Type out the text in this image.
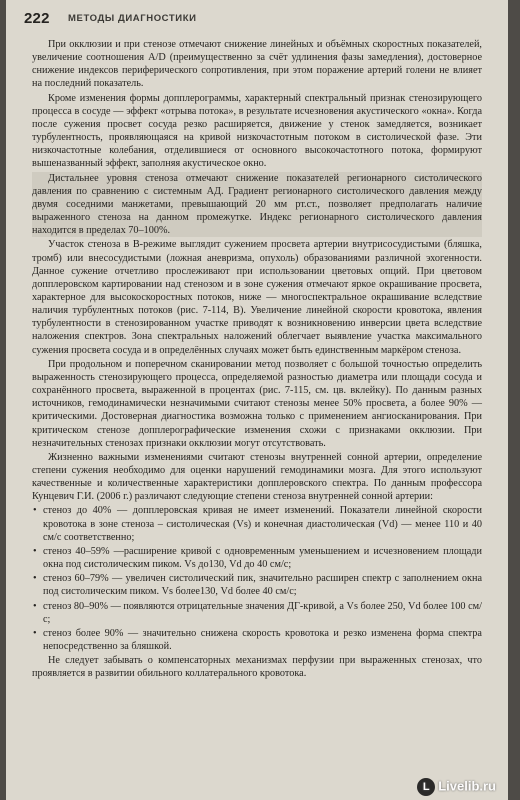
222 МЕТОДЫ ДИАГНОСТИКИ

При окклюзии и при стенозе отмечают снижение линейных и объёмных скоростных показателей, увеличение соотношения A/D (преимущественно за счёт удлинения фазы замедления), достоверное снижение индексов периферического сопротивления, при этом поражение артерий голени не влияет на последний показатель.

Кроме изменения формы допплерограммы, характерный спектральный признак стенозирующего процесса в сосуде — эффект «отрыва потока», в результате исчезновения акустического «окна». Когда после сужения просвет сосуда резко расширяется, движение у стенок замедляется, возникает турбулентность, проявляющаяся на кривой низкочастотным потоком в систолической фазе. Эти низкочастотные колебания, отделившиеся от основного высокочастотного потока, формируют вышеназванный эффект, заполняя акустическое окно.

Дистальнее уровня стеноза отмечают снижение показателей регионарного систолического давления по сравнению с системным АД. Градиент регионарного систолического давления между двумя соседними манжетами, превышающий 20 мм рт.ст., позволяет предполагать наличие выраженного стеноза на данном промежутке. Индекс регионарного систолического давления находится в пределах 70–100%.

Участок стеноза в B-режиме выглядит сужением просвета артерии внутрисосудистыми (бляшка, тромб) или внесосудистыми (ложная аневризма, опухоль) образованиями различной эхогенности. Данное сужение отчетливо прослеживают при использовании цветовых опций. При цветовом допплеровском картировании над стенозом и в зоне сужения отмечают яркое окрашивание просвета, характерное для высокоскоростных потоков, ниже — многоспектральное окрашивание вследствие наличия турбулентных потоков (рис. 7-114, B). Увеличение линейной скорости кровотока, явления турбулентности в стенозированном участке приводят к возникновению инверсии цвета вследствие наложения спектров. Зона спектральных наложений облегчает выявление участка максимального сужения просвета сосуда и в определённых случаях может быть единственным маркёром стеноза.

При продольном и поперечном сканировании метод позволяет с большой точностью определить выраженность стенозирующего процесса, определяемой разностью диаметра или площади сосуда и сохранённого просвета, выраженной в процентах (рис. 7-115, см. цв. вклейку). По данным разных источников, гемодинамически незначимыми считают стенозы менее 50% просвета, а более 90% — критическими. Достоверная диагностика возможна только с применением ангиосканирования. При критическом стенозе допплерографические изменения схожи с признаками окклюзии. При незначительных стенозах признаки окклюзии могут отсутствовать.

Жизненно важными изменениями считают стенозы внутренней сонной артерии, определение степени сужения необходимо для оценки нарушений гемодинамики мозга. Для этого используют качественные и количественные характеристики допплеровского спектра. По данным профессора Кунцевич Г.И. (2006 г.) различают следующие степени стеноза внутренней сонной артерии:

• стеноз до 40% — допплеровская кривая не имеет изменений. Показатели линейной скорости кровотока в зоне стеноза – систолическая (Vs) и конечная диастолическая (Vd) — менее 110 и 40 см/с соответственно;
• стеноз 40–59% —расширение кривой с одновременным уменьшением и исчезновением площади окна под систолическим пиком. Vs до130, Vd до 40 см/с;
• стеноз 60–79% — увеличен систолический пик, значительно расширен спектр с заполнением окна под систолическим пиком. Vs более130, Vd более 40 см/с;
• стеноз 80–90% — появляются отрицательные значения ДГ-кривой, а Vs более 250, Vd более 100 см/с;
• стеноз более 90% — значительно снижена скорость кровотока и резко изменена форма спектра непосредственно за бляшкой.

Не следует забывать о компенсаторных механизмах перфузии при выраженных стенозах, что проявляется в развитии обильного коллатерального кровотока.

L Livelib.ru
